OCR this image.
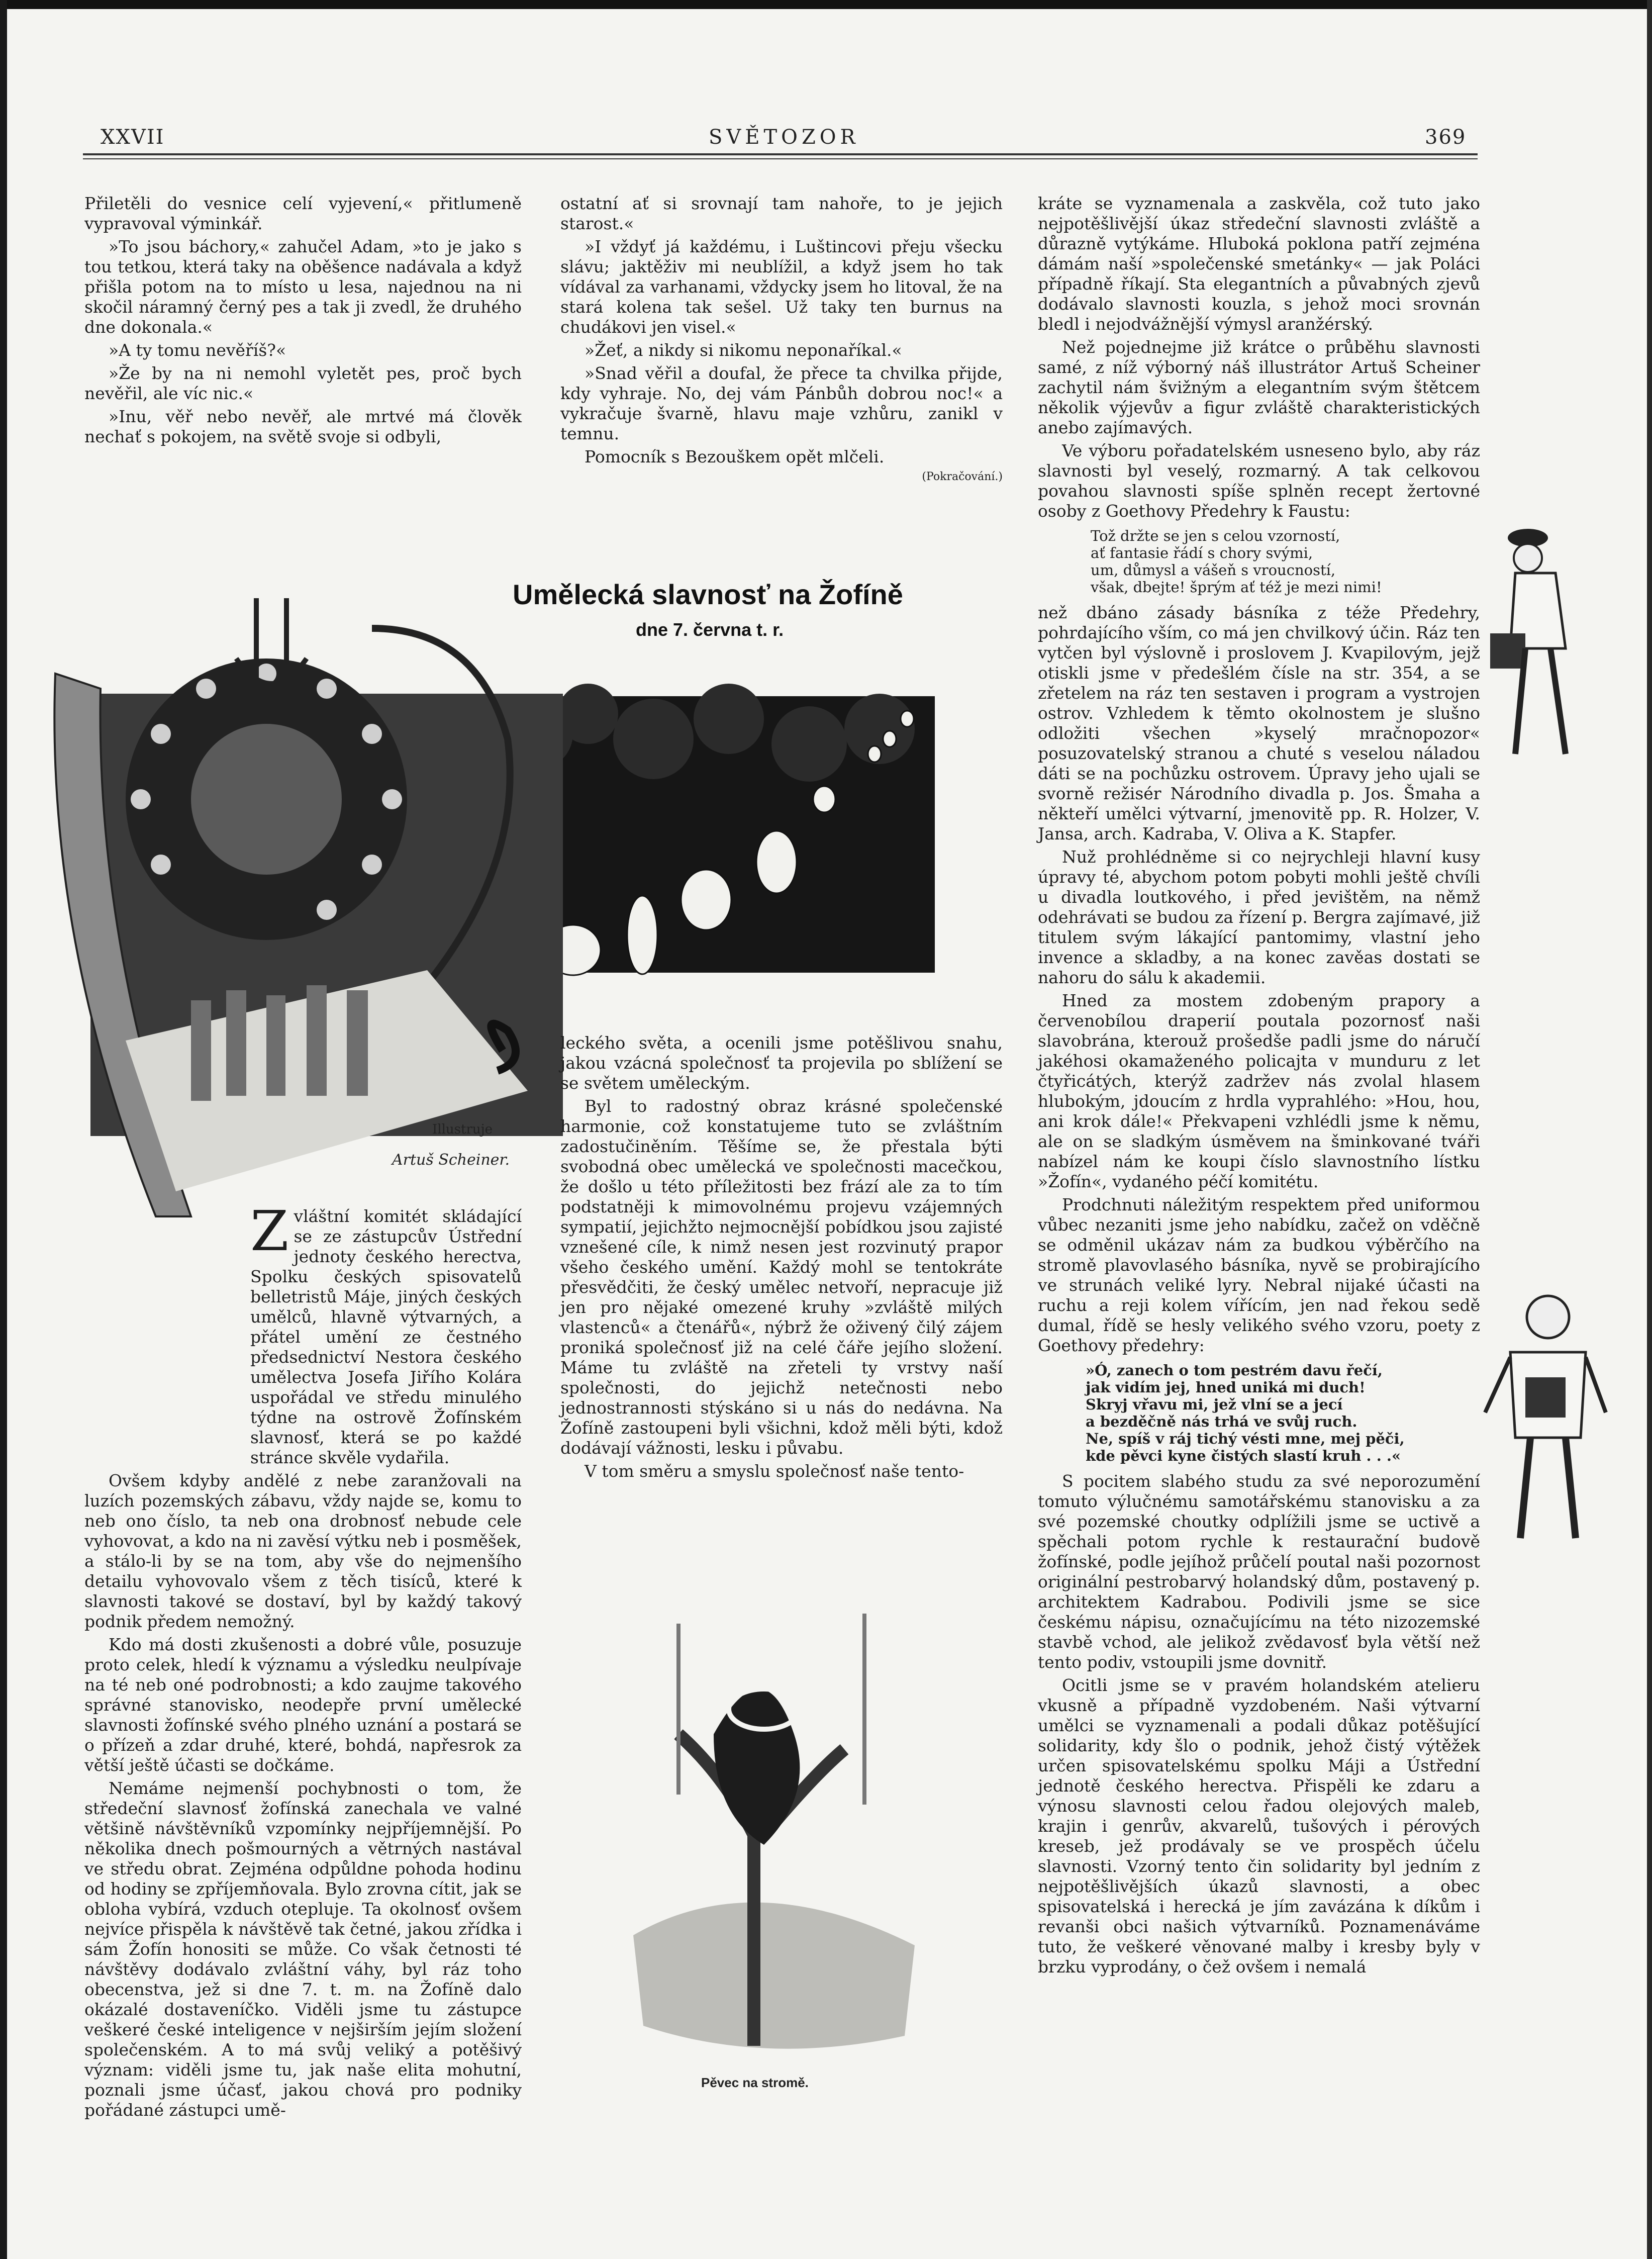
XXVII	SVĚTOZOR	369

Přiletěli do vesnice celí vyjevení,« přitlumeně vypravoval výminkář.

»To jsou báchory,« zahučel Adam, »to je jako s tou tetkou, která taky na oběšence nadávala a když přišla potom na to místo u lesa, najednou na ni skočil náramný černý pes a tak ji zvedl, že druhého dne dokonala.«

»A ty tomu nevěříš?«

»Že by na ni nemohl vyletět pes, proč bych nevěřil, ale víc nic.«

»Inu, věř nebo nevěř, ale mrtvé má člověk nechať s pokojem, na světě svoje si odbyli,

ostatní ať si srovnají tam nahoře, to je jejich starost.«

»I vždyť já každému, i Luštincovi přeju všecku slávu; jaktěživ mi neublížil, a když jsem ho tak vídával za varhanami, vždycky jsem ho litoval, že na stará kolena tak sešel. Už taky ten burnus na chudákovi jen visel.«

»Žeť, a nikdy si nikomu neponaříkal.«

»Snad věřil a doufal, že přece ta chvilka přijde, kdy vyhraje. No, dej vám Pánbůh dobrou noc!« a vykračuje švarně, hlavu maje vzhůru, zanikl v temnu.

Pomocník s Bezouškem opět mlčeli.

(Pokračování.)
Umělecká slavnosť na Žofíně
dne 7. června t. r.
Illustruje
Artuš Scheiner.

Zvláštní komitét skládající se ze zástupcův Ústřední jednoty českého herectva, Spolku českých spisovatelů belletristů Máje, jiných českých umělců, hlavně výtvarných, a přátel umění ze čestného předsednictví Nestora českého umělectva Josefa Jiřího Kolára uspořádal ve středu minulého týdne na ostrově Žofínském slavnosť, která se po každé stránce skvěle vydařila.

Ovšem kdyby andělé z nebe zaranžovali na luzích pozemských zábavu, vždy najde se, komu to neb ono číslo, ta neb ona drobnosť nebude cele vyhovovat, a kdo na ni zavěsí výtku neb i posměšek, a stálo-li by se na tom, aby vše do nejmenšího detailu vyhovovalo všem z těch tisíců, které k slavnosti takové se dostaví, byl by každý takový podnik předem nemožný.

Kdo má dosti zkušenosti a dobré vůle, posuzuje proto celek, hledí k významu a výsledku neulpívaje na té neb oné podrobnosti; a kdo zaujme takového správné stanovisko, neodepře první umělecké slavnosti žofínské svého plného uznání a postará se o přízeň a zdar druhé, které, bohdá, napřesrok za větší ještě účasti se dočkáme.

Nemáme nejmenší pochybnosti o tom, že středeční slavnosť žofínská zanechala ve valné většině návštěvníků vzpomínky nejpříjemnější. Po několika dnech pošmourných a větrných nastával ve středu obrat. Zejména odpůldne pohoda hodinu od hodiny se zpříjemňovala. Bylo zrovna cítit, jak se obloha vybírá, vzduch otepluje. Ta okolnosť ovšem nejvíce přispěla k návštěvě tak četné, jakou zřídka i sám Žofín honositi se může. Co však četnosti té návštěvy dodávalo zvláštní váhy, byl ráz toho obecenstva, jež si dne 7. t. m. na Žofíně dalo okázalé dostaveníčko. Viděli jsme tu zástupce veškeré české inteligence v nejširším jejím složení společenském. A to má svůj veliký a potěšivý význam: viděli jsme tu, jak naše elita mohutní, poznali jsme účasť, jakou chová pro podniky pořádané zástupci umě-

leckého světa, a ocenili jsme potěšlivou snahu, jakou vzácná společnosť ta projevila po sblížení se se světem uměleckým.

Byl to radostný obraz krásné společenské harmonie, což konstatujeme tuto se zvláštním zadostučiněním. Těšíme se, že přestala býti svobodná obec umělecká ve společnosti macečkou, že došlo u této příležitosti bez frází ale za to tím podstatněji k mimovolnému projevu vzájemných sympatií, jejichžto nejmocnější pobídkou jsou zajisté vznešené cíle, k nimž nesen jest rozvinutý prapor všeho českého umění. Každý mohl se tentokráte přesvědčiti, že český umělec netvoří, nepracuje již jen pro nějaké omezené kruhy »zvláště milých vlastenců« a čtenářů«, nýbrž že oživený čilý zájem proniká společnosť již na celé čáře jejího složení. Máme tu zvláště na zřeteli ty vrstvy naší společnosti, do jejichž netečnosti nebo jednostrannosti stýskáno si u nás do nedávna. Na Žofíně zastoupeni byli všichni, kdož měli býti, kdož dodávají vážnosti, lesku i půvabu.

V tom směru a smyslu společnosť naše tento-

Pěvec na stromě.

kráte se vyznamenala a zaskvěla, což tuto jako nejpotěšlivější úkaz středeční slavnosti zvláště a důrazně vytýkáme. Hluboká poklona patří zejména dámám naší »společenské smetánky« — jak Poláci případně říkají. Sta elegantních a půvabných zjevů dodávalo slavnosti kouzla, s jehož moci srovnán bledl i nejodvážnější výmysl aranžérský.

Než pojednejme již krátce o průběhu slavnosti samé, z níž výborný náš illustrátor Artuš Scheiner zachytil nám švižným a elegantním svým štětcem několik výjevův a figur zvláště charakteristických anebo zajímavých.

Ve výboru pořadatelském usneseno bylo, aby ráz slavnosti byl veselý, rozmarný. A tak celkovou povahou slavnosti spíše splněn recept žertovné osoby z Goethovy Předehry k Faustu:

Tož držte se jen s celou vzorností,
ať fantasie řádí s chory svými,
um, důmysl a vášeň s vroucností,
však, dbejte! šprým ať též je mezi nimi!

než dbáno zásady básníka z téže Předehry, pohrdajícího vším, co má jen chvilkový účin. Ráz ten vytčen byl výslovně i proslovem J. Kvapilovým, jejž otiskli jsme v předešlém čísle na str. 354, a se zřetelem na ráz ten sestaven i program a vystrojen ostrov. Vzhledem k těmto okolnostem je slušno odložiti všechen »kyselý mračnopozor« posuzovatelský stranou a chuté s veselou náladou dáti se na pochůzku ostrovem. Úpravy jeho ujali se svorně režisér Národního divadla p. Jos. Šmaha a někteří umělci výtvarní, jmenovitě pp. R. Holzer, V. Jansa, arch. Kadraba, V. Oliva a K. Stapfer.

Nuž prohlédněme si co nejrychleji hlavní kusy úpravy té, abychom potom pobyti mohli ještě chvíli u divadla loutkového, i před jevištěm, na němž odehrávati se budou za řízení p. Bergra zajímavé, již titulem svým lákající pantomimy, vlastní jeho invence a skladby, a na konec zavěas dostati se nahoru do sálu k akademii.

Hned za mostem zdobeným prapory a červenobílou draperií poutala pozornosť naši slavobrána, kterouž prošedše padli jsme do náručí jakéhosi okamaženého policajta v munduru z let čtyřicátých, kterýž zadržev nás zvolal hlasem hlubokým, jdoucím z hrdla vyprahlého: »Hou, hou, ani krok dále!« Překvapeni vzhlédli jsme k němu, ale on se sladkým úsměvem na šminkované tváři nabízel nám ke koupi číslo slavnostního lístku »Žofín«, vydaného péčí komitétu.

Prodchnuti náležitým respektem před uniformou vůbec nezaniti jsme jeho nabídku, začež on vděčně se odměnil ukázav nám za budkou výběrčího na stromě plavovlasého básníka, nyvě se probirajícího ve strunách veliké lyry. Nebral nijaké účasti na ruchu a reji kolem vířícím, jen nad řekou sedě dumal, řídě se hesly velikého svého vzoru, poety z Goethovy předehry:

»Ó, zanech o tom pestrém davu řečí,
jak vidím jej, hned uniká mi duch!
Skryj vřavu mi, jež vlní se a jecí
a bezděčně nás trhá ve svůj ruch.
Ne, spíš v ráj tichý vésti mne, mej pěči,
kde pěvci kyne čistých slastí kruh . . .«

S pocitem slabého studu za své neporozumění tomuto výlučnému samotářskému stanovisku a za své pozemské choutky odplížili jsme se uctivě a spěchali potom rychle k restaurační budově žofínské, podle jejíhož průčelí poutal naši pozornost originální pestrobarvý holandský dům, postavený p. architektem Kadrabou. Podivili jsme se sice českému nápisu, označujícímu na této nizozemské stavbě vchod, ale jelikož zvědavosť byla větší než tento podiv, vstoupili jsme dovnitř.

Ocitli jsme se v pravém holandském atelieru vkusně a případně vyzdobeném. Naši výtvarní umělci se vyznamenali a podali důkaz potěšující solidarity, kdy šlo o podnik, jehož čistý výtěžek určen spisovatelskému spolku Máji a Ústřední jednotě českého herectva. Přispěli ke zdaru a výnosu slavnosti celou řadou olejových maleb, krajin i genrův, akvarelů, tušových i pérových kreseb, jež prodávaly se ve prospěch účelu slavnosti. Vzorný tento čin solidarity byl jedním z nejpotěšlivějších úkazů slavnosti, a obec spisovatelská i herecká je jím zavázána k díkům i revanši obci našich výtvarníků. Poznamenáváme tuto, že veškeré věnované malby i kresby byly v brzku vyprodány, o čež ovšem i nemalá
